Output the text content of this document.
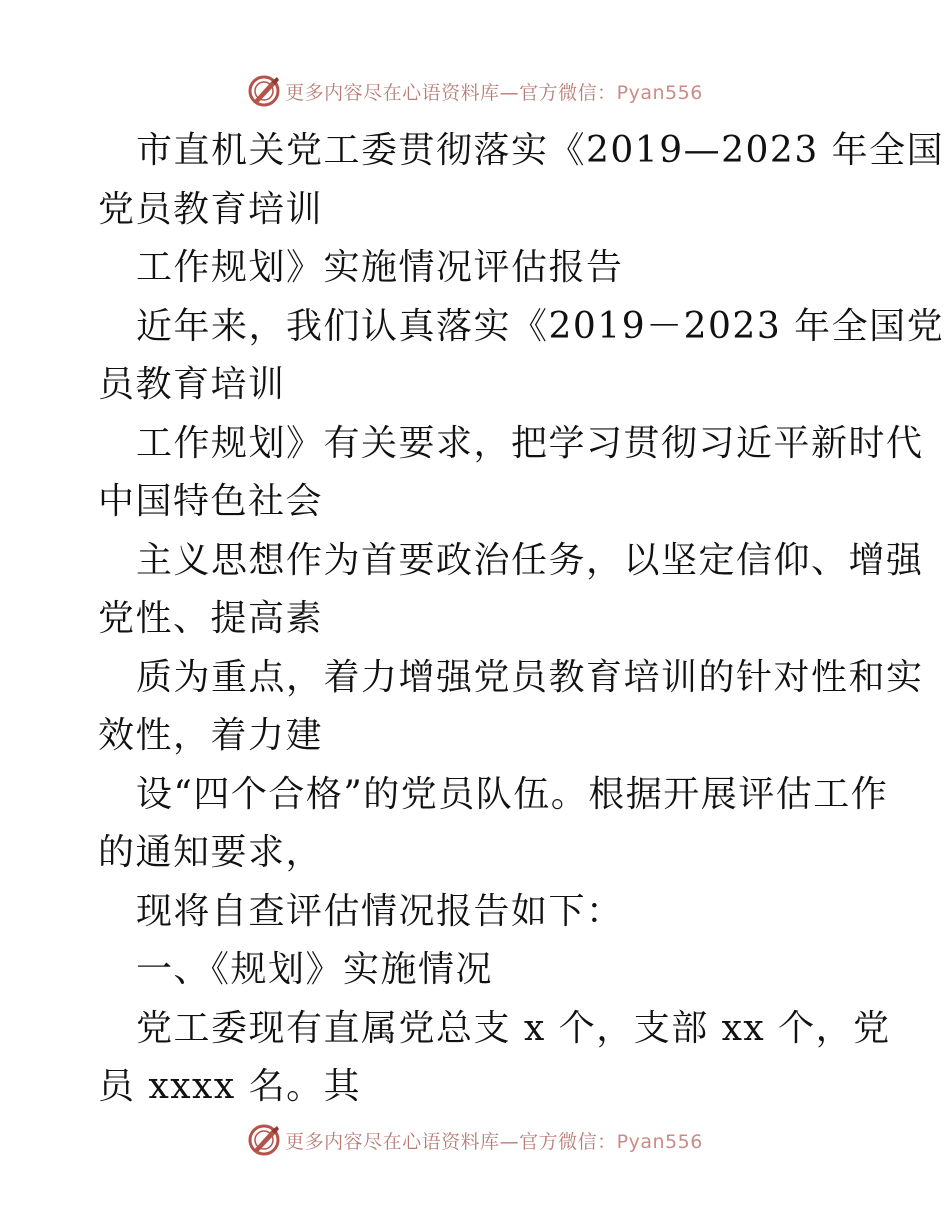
更多内容尽在心语资料库—官方微信：Pyan556
市直机关党工委贯彻落实《2019—2023 年全国
党员教育培训
工作规划》实施情况评估报告
近年来，我们认真落实《2019－2023 年全国党
员教育培训
工作规划》有关要求，把学习贯彻习近平新时代
中国特色社会
主义思想作为首要政治任务，以坚定信仰、增强
党性、提高素
质为重点，着力增强党员教育培训的针对性和实
效性，着力建
设“四个合格”的党员队伍。根据开展评估工作
的通知要求，
现将自查评估情况报告如下：
一、《规划》实施情况
党工委现有直属党总支 x 个，支部 xx 个，党
员 xxxx 名。其
更多内容尽在心语资料库—官方微信：Pyan556
